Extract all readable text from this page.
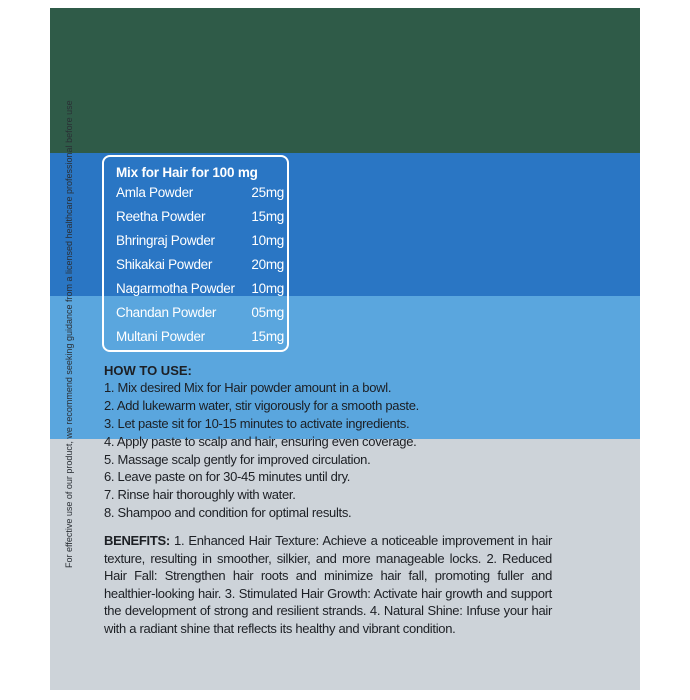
For effective use of our product, we recommend seeking guidance from a licensed healthcare professional before use	Mix for Hair for 100 mg
Amla Powder	25mg
Reetha Powder	15mg
Bhringraj Powder	10mg
Shikakai Powder	20mg
Nagarmotha Powder 10mg
Chandan Powder	05mg
Multani Powder	15mg
HOW TO USE:
1. Mix desired Mix for Hair powder amount in a bowl.
2. Add lukewarm water, stir vigorously for a smooth paste.
3. Let paste sit for 10-15 minutes to activate ingredients.
4. Apply paste to scalp and hair, ensuring even coverage.
5. Massage scalp gently for improved circulation.
6. Leave paste on for 30-45 minutes until dry.
7. Rinse hair thoroughly with water.
8. Shampoo and condition for optimal results.
BENEFITS: 1. Enhanced Hair Texture: Achieve a noticeable improvement in hair texture, resulting in smoother, silkier, and more manageable locks. 2. Reduced Hair Fall: Strengthen hair roots and minimize hair fall, promoting fuller and healthier-looking hair. 3. Stimulated Hair Growth: Activate hair growth and support the development of strong and resilient strands. 4. Natural Shine: Infuse your hair with a radiant shine that reflects its healthy and vibrant condition.
